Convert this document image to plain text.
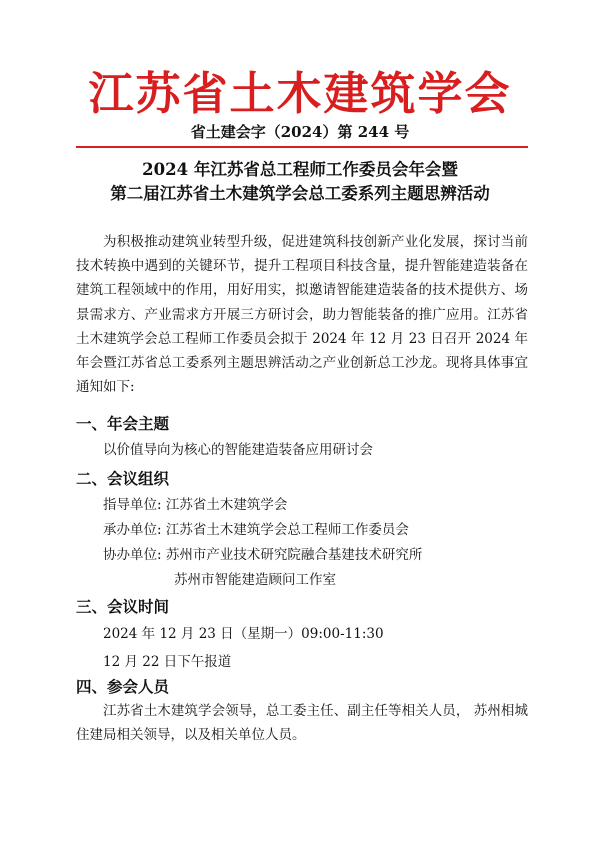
江苏省土木建筑学会
省土建会字（2024）第 244 号
2024 年江苏省总工程师工作委员会年会暨
第二届江苏省土木建筑学会总工委系列主题思辨活动

为积极推动建筑业转型升级，促进建筑科技创新产业化发展，探讨当前技术转换中遇到的关键环节，提升工程项目科技含量，提升智能建造装备在建筑工程领域中的作用，用好用实，拟邀请智能建造装备的技术提供方、场景需求方、产业需求方开展三方研讨会，助力智能装备的推广应用。江苏省土木建筑学会总工程师工作委员会拟于 2024 年 12 月 23 日召开 2024 年年会暨江苏省总工委系列主题思辨活动之产业创新总工沙龙。现将具体事宜通知如下:

一、年会主题
以价值导向为核心的智能建造装备应用研讨会
二、会议组织
指导单位: 江苏省土木建筑学会
承办单位: 江苏省土木建筑学会总工程师工作委员会
协办单位: 苏州市产业技术研究院融合基建技术研究所
苏州市智能建造顾问工作室
三、会议时间
2024 年 12 月 23 日（星期一）09:00-11:30
12 月 22 日下午报道
四、参会人员

江苏省土木建筑学会领导，总工委主任、副主任等相关人员， 苏州相城住建局相关领导，以及相关单位人员。
